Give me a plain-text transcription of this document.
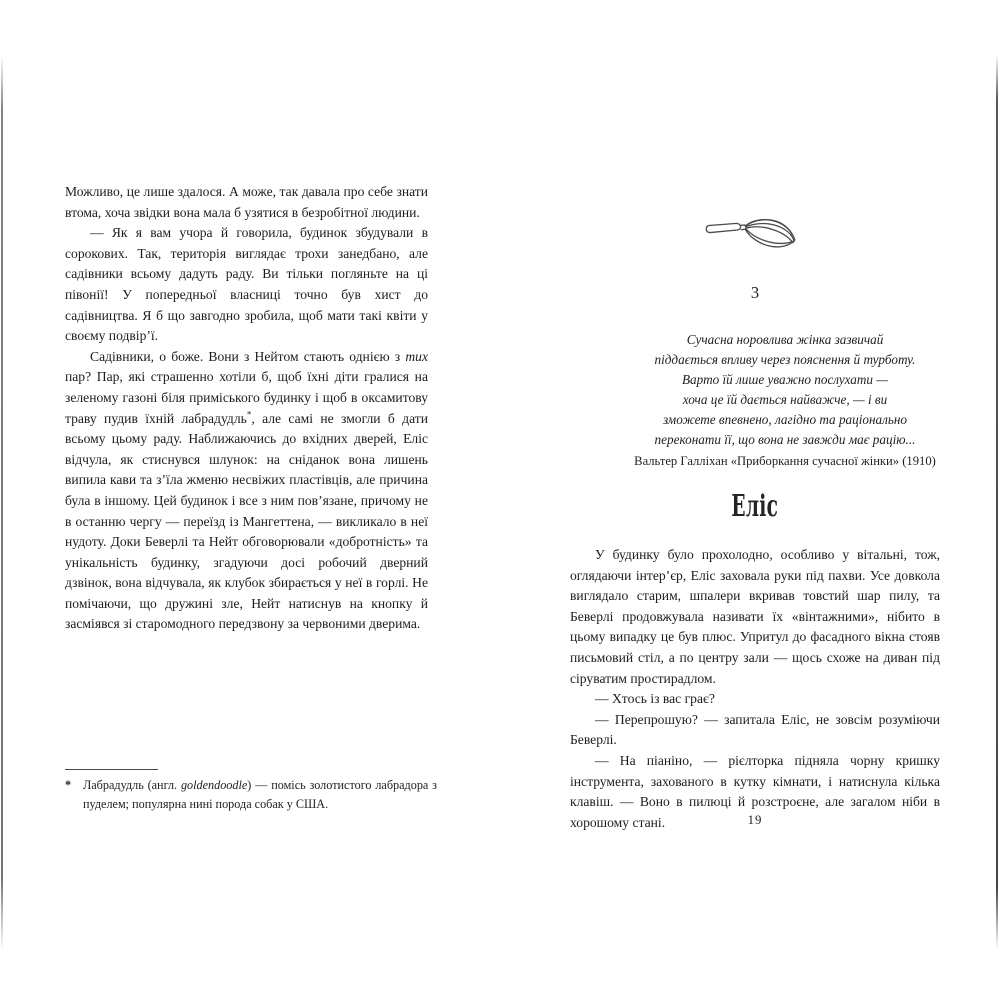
Можливо, це лише здалося. А може, так давала про себе знати втома, хоча звідки вона мала б узятися в безробітної людини.

— Як я вам учора й говорила, будинок збудували в сорокових. Так, територія виглядає трохи занедбано, але садівники всьому дадуть раду. Ви тільки погляньте на ці півонії! У попередньої власниці точно був хист до садівництва. Я б що завгодно зробила, щоб мати такі квіти у своєму подвір’ї.

Садівники, о боже. Вони з Нейтом стають однією з тих пар? Пар, які страшенно хотіли б, щоб їхні діти гралися на зеленому газоні біля приміського будинку і щоб в оксамитову траву пудив їхній лабрадудль*, але самі не змогли б дати всьому цьому раду. Наближаючись до вхідних дверей, Еліс відчула, як стиснувся шлунок: на сніданок вона лишень випила кави та з’їла жменю несвіжих пластівців, але причина була в іншому. Цей будинок і все з ним пов’язане, причому не в останню чергу — переїзд із Мангеттена, — викликало в неї нудоту. Доки Беверлі та Нейт обговорювали «добротність» та унікальність будинку, згадуючи досі робочий дверний дзвінок, вона відчувала, як клубок збирається у неї в горлі. Не помічаючи, що дружині зле, Нейт натиснув на кнопку й засміявся зі старомодного передзвону за червоними дверима.

* Лабрадудль (англ. goldendoodle) — помісь золотистого лабрадора з пуделем; популярна нині порода собак у США.
3
Сучасна норовлива жінка зазвичай
піддається впливу через пояснення й турботу.
Варто їй лише уважно послухати —
хоча це їй дається найважче, — і ви
зможете впевнено, лагідно та раціонально
переконати її, що вона не завжди має рацію...
Вальтер Галліхан «Приборкання сучасної жінки» (1910)
Еліс

У будинку було прохолодно, особливо у вітальні, тож, оглядаючи інтер’єр, Еліс заховала руки під пахви. Усе довкола виглядало старим, шпалери вкривав товстий шар пилу, та Беверлі продовжувала називати їх «вінтажними», нібито в цьому випадку це був плюс. Упритул до фасадного вікна стояв письмовий стіл, а по центру зали — щось схоже на диван під сіруватим простирадлом.

— Хтось із вас грає?

— Перепрошую? — запитала Еліс, не зовсім розуміючи Беверлі.

— На піаніно, — рієлторка підняла чорну кришку інструмента, захованого в кутку кімнати, і натиснула кілька клавіш. — Воно в пилюці й розстроєне, але загалом ніби в хорошому стані.	19
